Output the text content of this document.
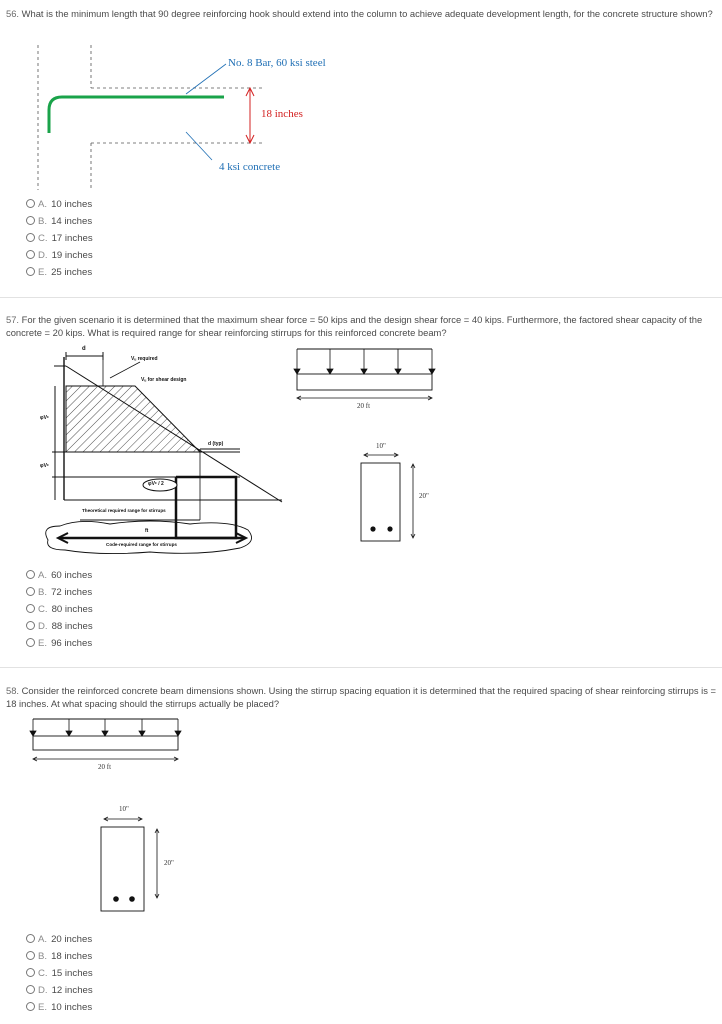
56. What is the minimum length that 90 degree reinforcing hook should extend into the column to achieve adequate development length, for the concrete structure shown?
No. 8 Bar, 60 ksi steel
18 inches
4 ksi concrete
A. 10 inches
B. 14 inches
C. 17 inches
D. 19 inches
E. 25 inches
57. For the given scenario it is determined that the maximum shear force = 50 kips and the design shear force = 40 kips. Furthermore, the factored shear capacity of the concrete = 20 kips. What is required range for shear reinforcing stirrups for this reinforced concrete beam?
d
Vᵤ required
Vᵤ for shear design
φVᶜ
φVᶜ
d (typ)
φVᶜ / 2
Theoretical required range for stirrups
ft
Code-required range for stirrups
20 ft
10"
20"
A. 60 inches
B. 72 inches
C. 80 inches
D. 88 inches
E. 96 inches
58. Consider the reinforced concrete beam dimensions shown. Using the stirrup spacing equation it is determined that the required spacing of shear reinforcing stirrups is = 18 inches. At what spacing should the stirrups actually be placed?
20 ft
10"
20"
A. 20 inches
B. 18 inches
C. 15 inches
D. 12 inches
E. 10 inches
